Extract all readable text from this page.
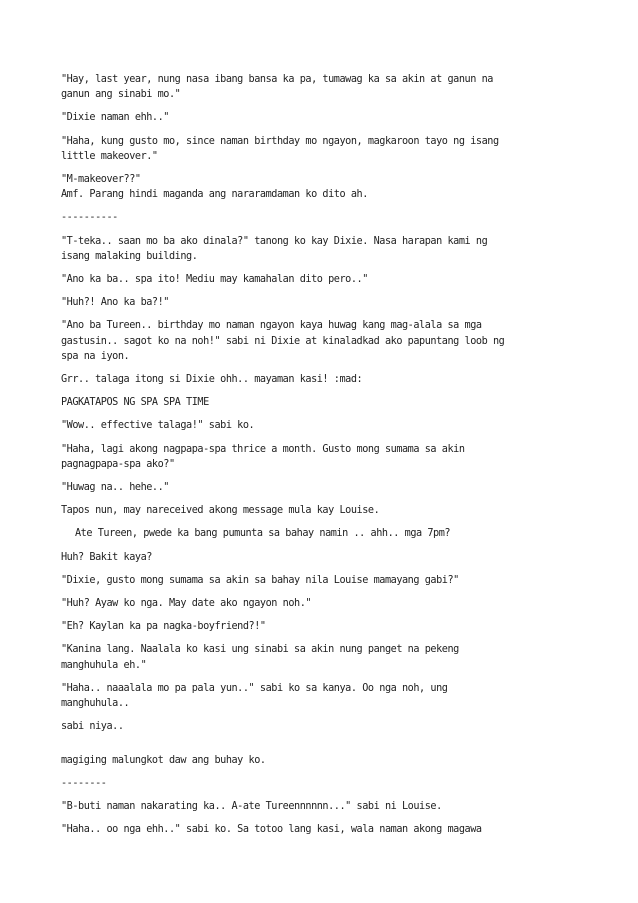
"Hay, last year, nung nasa ibang bansa ka pa, tumawag ka sa akin at ganun na
ganun ang sinabi mo."

"Dixie naman ehh.."

"Haha, kung gusto mo, since naman birthday mo ngayon, magkaroon tayo ng isang
little makeover."

"M-makeover??"
Amf. Parang hindi maganda ang nararamdaman ko dito ah.

----------

"T-teka.. saan mo ba ako dinala?" tanong ko kay Dixie. Nasa harapan kami ng
isang malaking building.

"Ano ka ba.. spa ito! Mediu may kamahalan dito pero.."

"Huh?! Ano ka ba?!"

"Ano ba Tureen.. birthday mo naman ngayon kaya huwag kang mag-alala sa mga
gastusin.. sagot ko na noh!" sabi ni Dixie at kinaladkad ako papuntang loob ng
spa na iyon.

Grr.. talaga itong si Dixie ohh.. mayaman kasi! :mad:

PAGKATAPOS NG SPA SPA TIME

"Wow.. effective talaga!" sabi ko.

"Haha, lagi akong nagpapa-spa thrice a month. Gusto mong sumama sa akin
pagnagpapa-spa ako?"

"Huwag na.. hehe.."

Tapos nun, may nareceived akong message mula kay Louise.

Ate Tureen, pwede ka bang pumunta sa bahay namin .. ahh.. mga 7pm?

Huh? Bakit kaya?

"Dixie, gusto mong sumama sa akin sa bahay nila Louise mamayang gabi?"

"Huh? Ayaw ko nga. May date ako ngayon noh."

"Eh? Kaylan ka pa nagka-boyfriend?!"

"Kanina lang. Naalala ko kasi ung sinabi sa akin nung panget na pekeng
manghuhula eh."

"Haha.. naaalala mo pa pala yun.." sabi ko sa kanya. Oo nga noh, ung
manghuhula..

sabi niya..

magiging malungkot daw ang buhay ko.

--------

"B-buti naman nakarating ka.. A-ate Tureennnnnn..." sabi ni Louise.

"Haha.. oo nga ehh.." sabi ko. Sa totoo lang kasi, wala naman akong magawa
